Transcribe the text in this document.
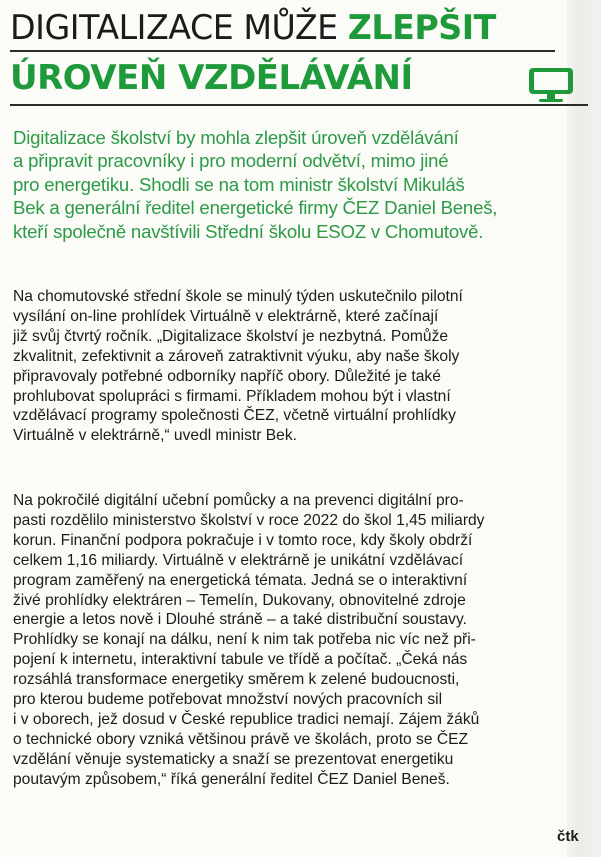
DIGITALIZACE MŮŽE ZLEPŠIT
ÚROVEŇ VZDĚLÁVÁNÍ
Digitalizace školství by mohla zlepšit úroveň vzdělávání
a připravit pracovníky i pro moderní odvětví, mimo jiné
pro energetiku. Shodli se na tom ministr školství Mikuláš
Bek a generální ředitel energetické firmy ČEZ Daniel Beneš,
kteří společně navštívili Střední školu ESOZ v Chomutově.
Na chomutovské střední škole se minulý týden uskutečnilo pilotní
vysílání on-line prohlídek Virtuálně v elektrárně, které začínají
již svůj čtvrtý ročník. „Digitalizace školství je nezbytná. Pomůže
zkvalitnit, zefektivnit a zároveň zatraktivnit výuku, aby naše školy
připravovaly potřebné odborníky napříč obory. Důležité je také
prohlubovat spolupráci s firmami. Příkladem mohou být i vlastní
vzdělávací programy společnosti ČEZ, včetně virtuální prohlídky
Virtuálně v elektrárně,“ uvedl ministr Bek.
Na pokročilé digitální učební pomůcky a na prevenci digitální pro-
pasti rozdělilo ministerstvo školství v roce 2022 do škol 1,45 miliardy
korun. Finanční podpora pokračuje i v tomto roce, kdy školy obdrží
celkem 1,16 miliardy. Virtuálně v elektrárně je unikátní vzdělávací
program zaměřený na energetická témata. Jedná se o interaktivní
živé prohlídky elektráren – Temelín, Dukovany, obnovitelné zdroje
energie a letos nově i Dlouhé stráně – a také distribuční soustavy.
Prohlídky se konají na dálku, není k nim tak potřeba nic víc než při-
pojení k internetu, interaktivní tabule ve třídě a počítač. „Čeká nás
rozsáhlá transformace energetiky směrem k zelené budoucnosti,
pro kterou budeme potřebovat množství nových pracovních sil
i v oborech, jež dosud v České republice tradici nemají. Zájem žáků
o technické obory vzniká většinou právě ve školách, proto se ČEZ
vzdělání věnuje systematicky a snaží se prezentovat energetiku
poutavým způsobem,“ říká generální ředitel ČEZ Daniel Beneš.
čtk
